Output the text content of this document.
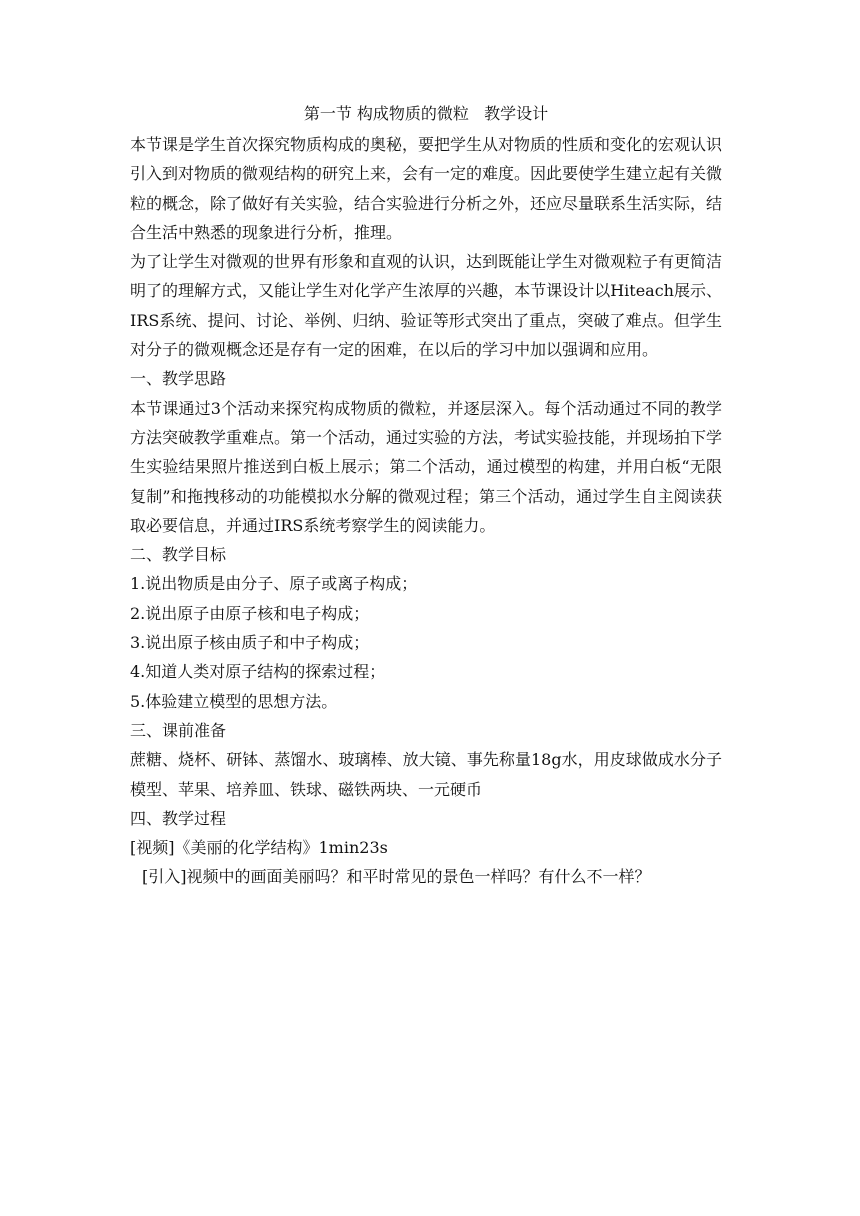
第一节 构成物质的微粒   教学设计

本节课是学生首次探究物质构成的奥秘，要把学生从对物质的性质和变化的宏观认识引入到对物质的微观结构的研究上来，会有一定的难度。因此要使学生建立起有关微粒的概念，除了做好有关实验，结合实验进行分析之外，还应尽量联系生活实际，结合生活中熟悉的现象进行分析，推理。

为了让学生对微观的世界有形象和直观的认识，达到既能让学生对微观粒子有更简洁明了的理解方式，又能让学生对化学产生浓厚的兴趣，本节课设计以Hiteach展示、IRS系统、提问、讨论、举例、归纳、验证等形式突出了重点，突破了难点。但学生对分子的微观概念还是存有一定的困难，在以后的学习中加以强调和应用。

一、教学思路

本节课通过3个活动来探究构成物质的微粒，并逐层深入。每个活动通过不同的教学方法突破教学重难点。第一个活动，通过实验的方法，考试实验技能，并现场拍下学生实验结果照片推送到白板上展示；第二个活动，通过模型的构建，并用白板“无限复制”和拖拽移动的功能模拟水分解的微观过程；第三个活动，通过学生自主阅读获取必要信息，并通过IRS系统考察学生的阅读能力。

二、教学目标

1.说出物质是由分子、原子或离子构成；

2.说出原子由原子核和电子构成；

3.说出原子核由质子和中子构成；

4.知道人类对原子结构的探索过程；

5.体验建立模型的思想方法。

三、课前准备

蔗糖、烧杯、研钵、蒸馏水、玻璃棒、放大镜、事先称量18g水，用皮球做成水分子模型、苹果、培养皿、铁球、磁铁两块、一元硬币

四、教学过程

[视频]《美丽的化学结构》1min23s

[引入]视频中的画面美丽吗？和平时常见的景色一样吗？有什么不一样？
